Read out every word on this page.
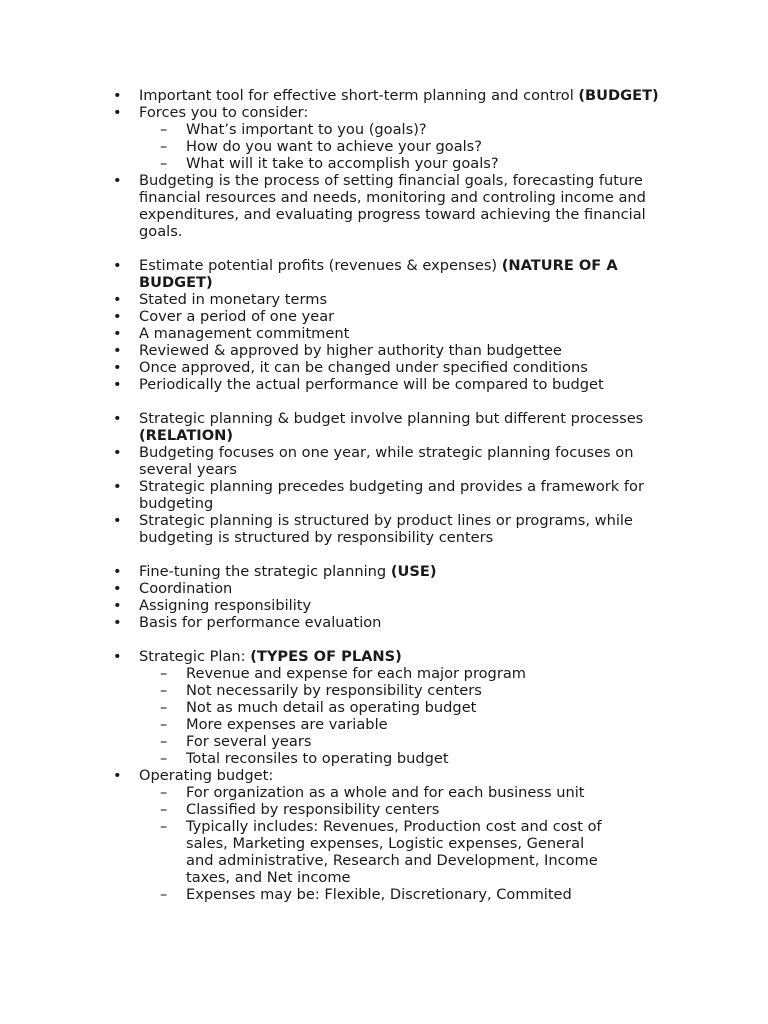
• Important tool for effective short-term planning and control (BUDGET)
• Forces you to consider:
– What’s important to you (goals)?
– How do you want to achieve your goals?
– What will it take to accomplish your goals?
• Budgeting is the process of setting financial goals, forecasting future financial resources and needs, monitoring and controling income and expenditures, and evaluating progress toward achieving the financial goals.
• Estimate potential profits (revenues & expenses) (NATURE OF A BUDGET)
• Stated in monetary terms
• Cover a period of one year
• A management commitment
• Reviewed & approved by higher authority than budgettee
• Once approved, it can be changed under specified conditions
• Periodically the actual performance will be compared to budget
• Strategic planning & budget involve planning but different processes (RELATION)
• Budgeting focuses on one year, while strategic planning focuses on several years
• Strategic planning precedes budgeting and provides a framework for budgeting
• Strategic planning is structured by product lines or programs, while budgeting is structured by responsibility centers
• Fine-tuning the strategic planning (USE)
• Coordination
• Assigning responsibility
• Basis for performance evaluation
• Strategic Plan: (TYPES OF PLANS)
– Revenue and expense for each major program
– Not necessarily by responsibility centers
– Not as much detail as operating budget
– More expenses are variable
– For several years
– Total reconsiles to operating budget
• Operating budget:
– For organization as a whole and for each business unit
– Classified by responsibility centers
– Typically includes: Revenues, Production cost and cost of sales, Marketing expenses, Logistic expenses, General and administrative, Research and Development, Income taxes, and Net income
– Expenses may be: Flexible, Discretionary, Commited
